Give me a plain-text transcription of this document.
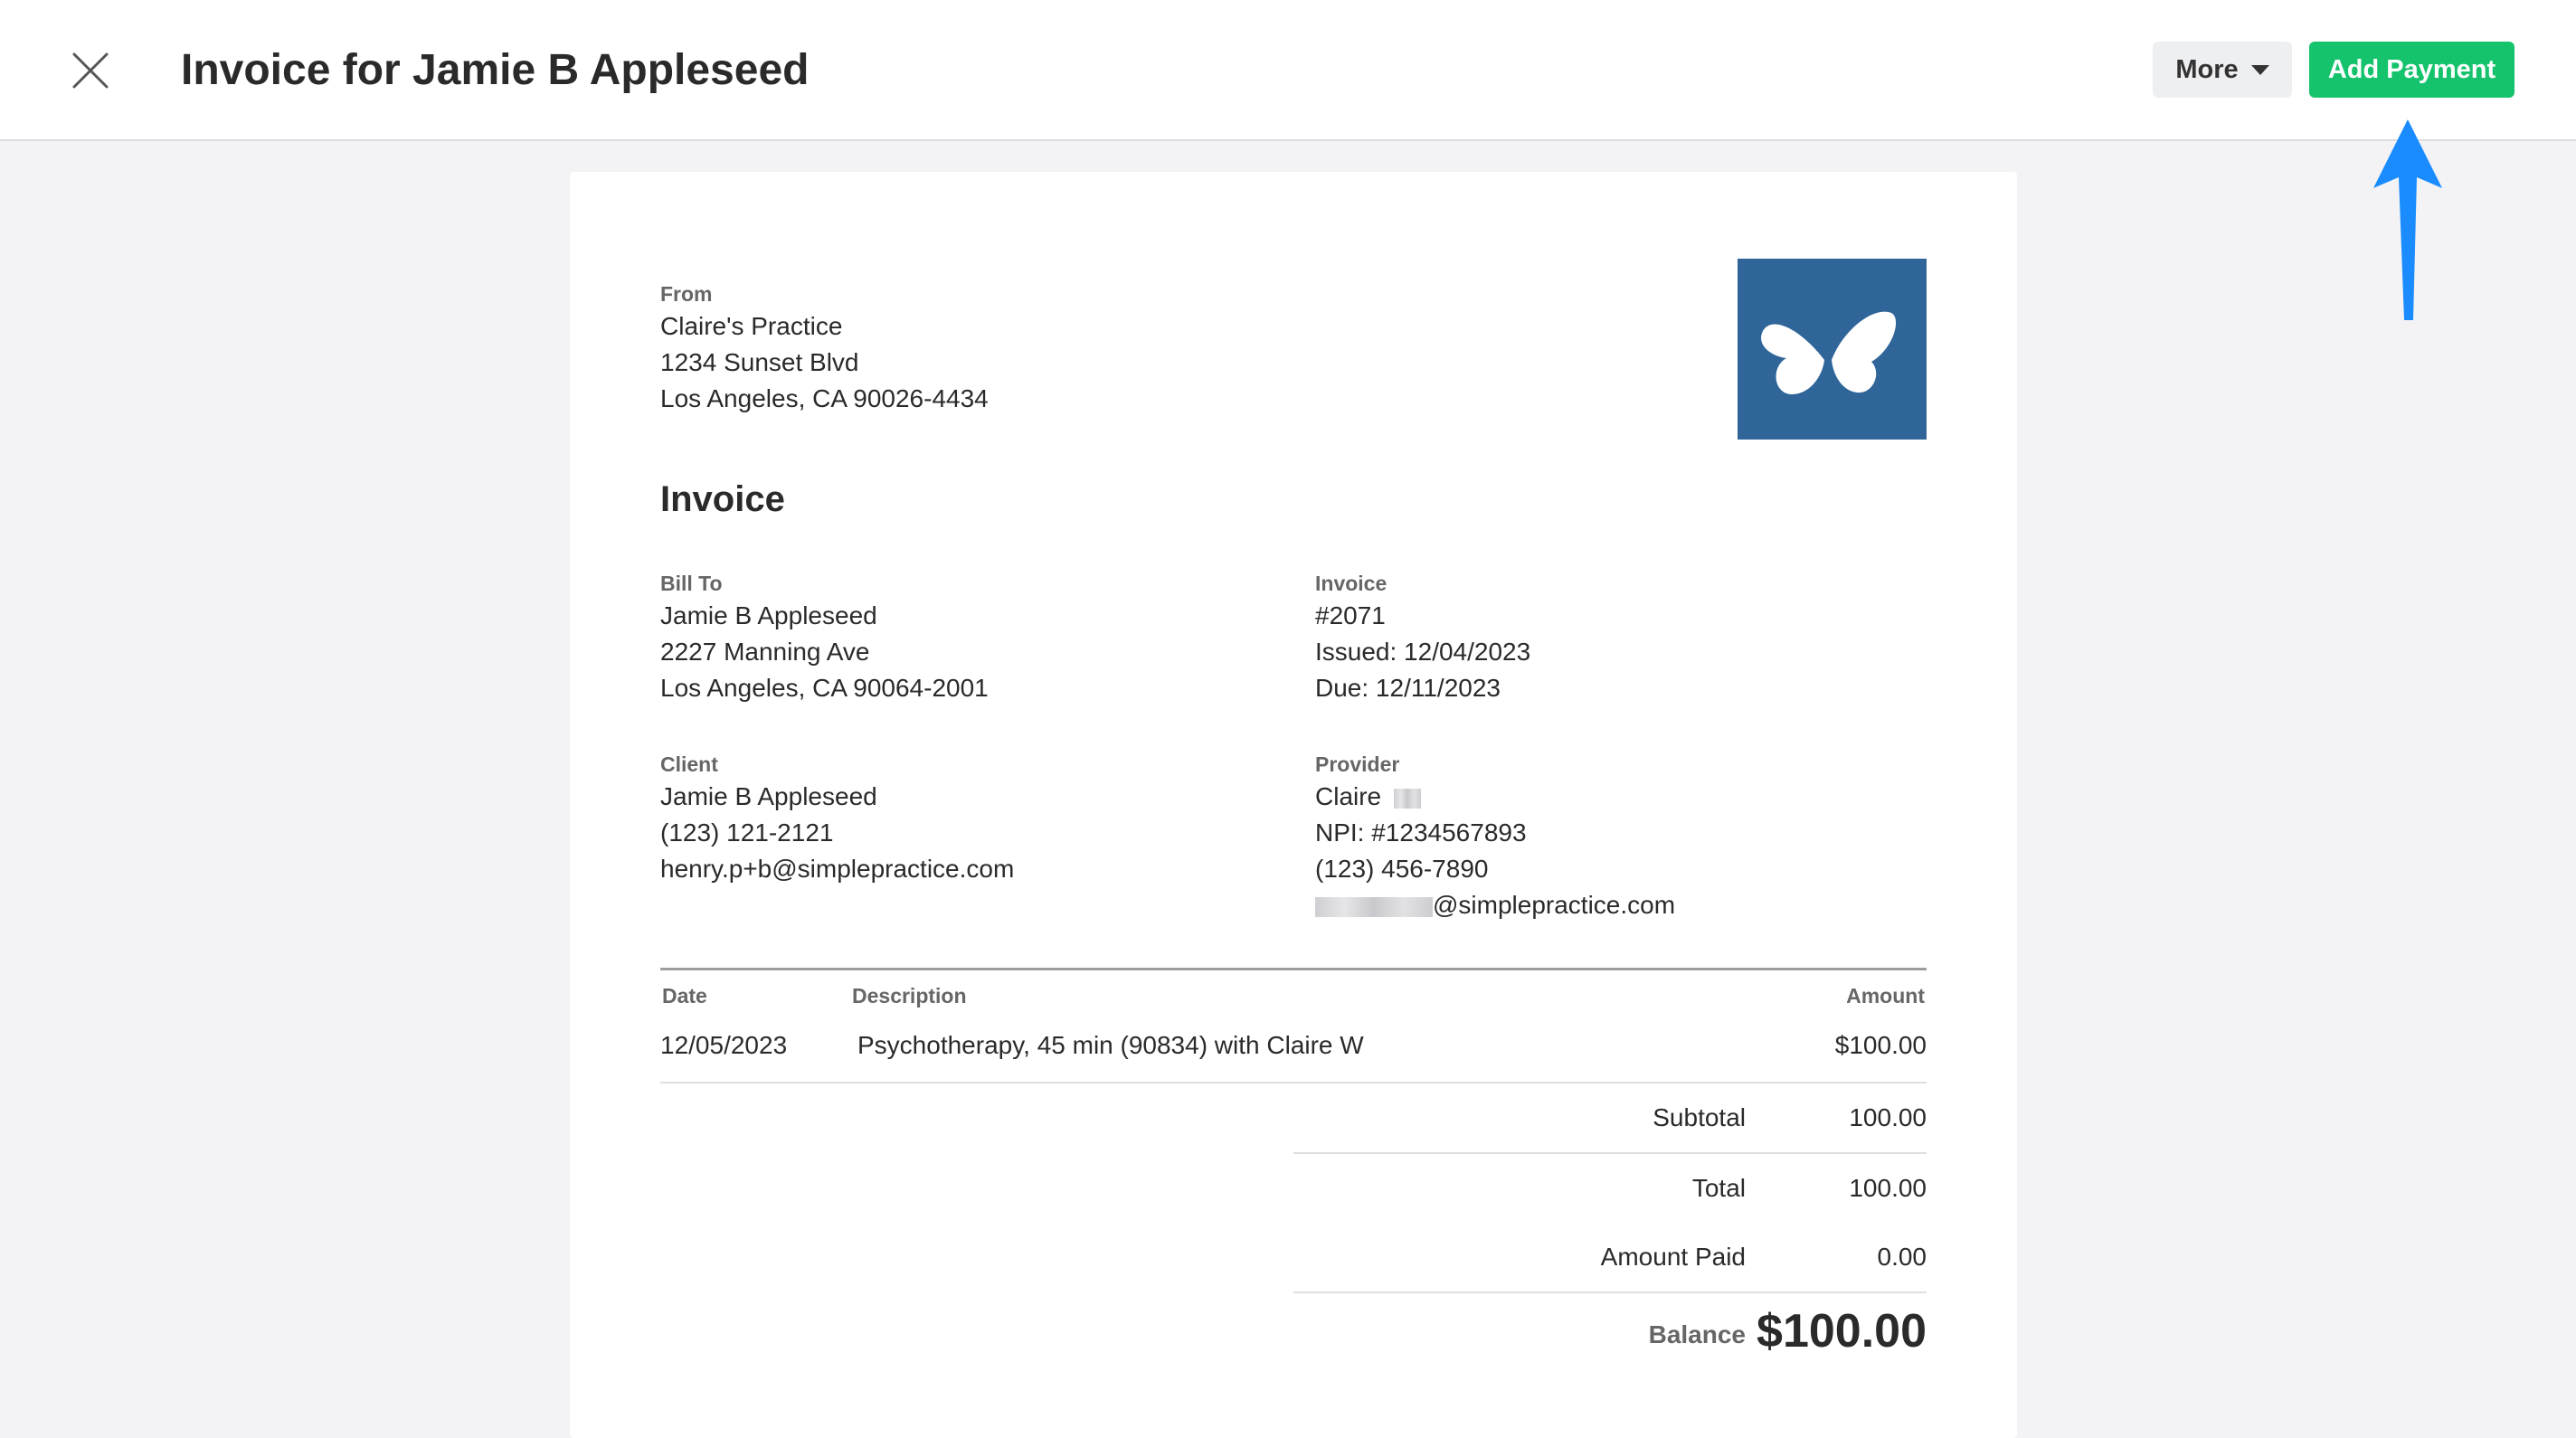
Invoice for Jamie B Appleseed	More	Add Payment
From
Claire's Practice
1234 Sunset Blvd
Los Angeles, CA 90026-4434
Invoice
Bill To
Jamie B Appleseed
2227 Manning Ave
Los Angeles, CA 90064-2001
Invoice
#2071
Issued: 12/04/2023
Due: 12/11/2023
Client
Jamie B Appleseed
(123) 121-2121
henry.p+b@simplepractice.com
Provider
Claire
NPI: #1234567893
(123) 456-7890
@simplepractice.com
Date	Description	Amount
12/05/2023	Psychotherapy, 45 min (90834) with Claire W	$100.00
Subtotal	100.00
Total	100.00
Amount Paid	0.00
Balance $100.00
